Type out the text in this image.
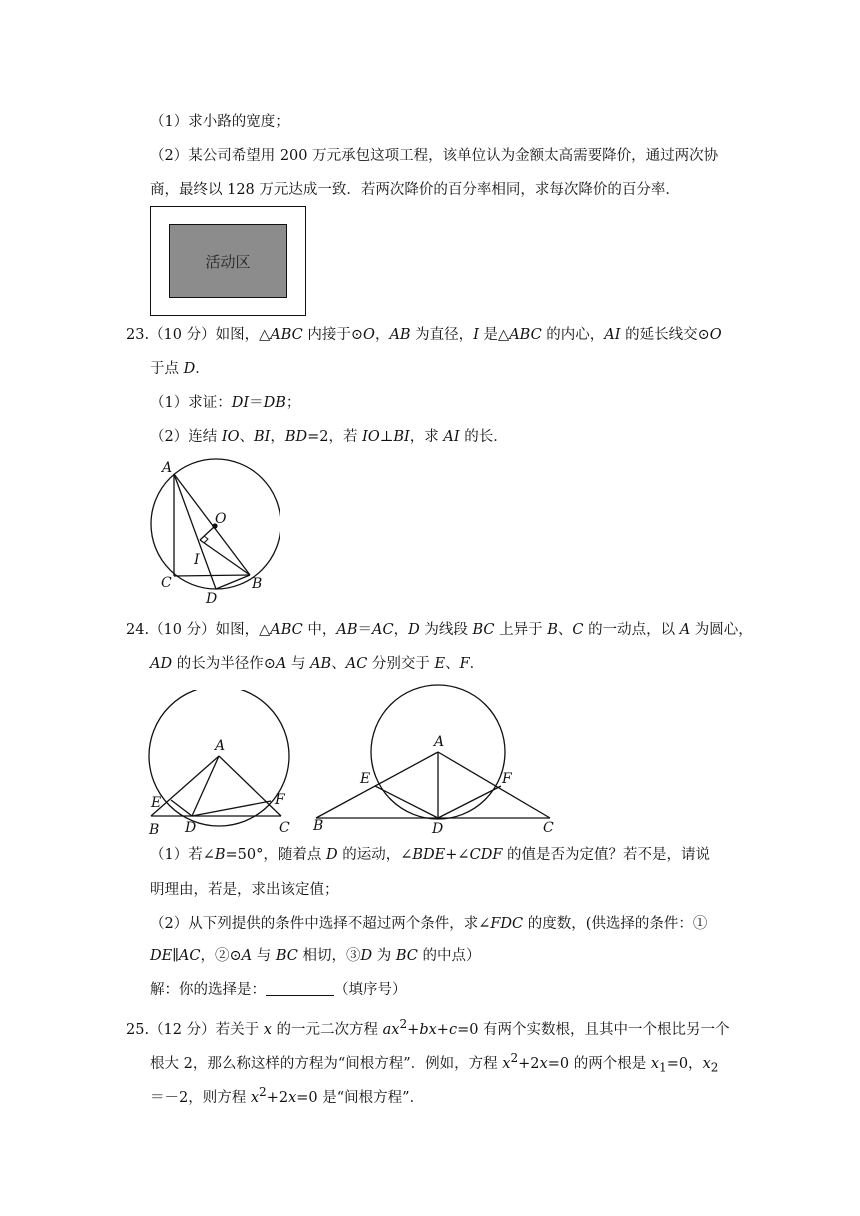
（1）求小路的宽度；
（2）某公司希望用 200 万元承包这项工程，该单位认为金额太高需要降价，通过两次协
商，最终以 128 万元达成一致．若两次降价的百分率相同，求每次降价的百分率．
活动区
23.（10 分）如图，△ABC 内接于⊙O，AB 为直径，I 是△ABC 的内心，AI 的延长线交⊙O
于点 D．
（1）求证：DI＝DB；
（2）连结 IO、BI，BD=2，若 IO⊥BI，求 AI 的长．
A
O
I
C	B
D
24.（10 分）如图，△ABC 中，AB＝AC，D 为线段 BC 上异于 B、C 的一动点，以 A 为圆心，
AD 的长为半径作⊙A 与 AB、AC 分别交于 E、F．
A
E	F
B D	C
A
E	F
B	D	C
（1）若∠B=50°，随着点 D 的运动，∠BDE+∠CDF 的值是否为定值？若不是，请说
明理由，若是，求出该定值；
（2）从下列提供的条件中选择不超过两个条件，求∠FDC 的度数，(供选择的条件：①
DE∥AC，②⊙A 与 BC 相切，③D 为 BC 的中点）
解：你的选择是：	（填序号）
25.（12 分）若关于 x 的一元二次方程 $ax^2+bx+c=0$ 有两个实数根，且其中一个根比另一个
根大 2，那么称这样的方程为“间根方程”．例如，方程 $x^2+2x=0$ 的两个根是 $x_1=0$，$x_2$
＝－2，则方程 $x^2+2x=0$ 是“间根方程”．
